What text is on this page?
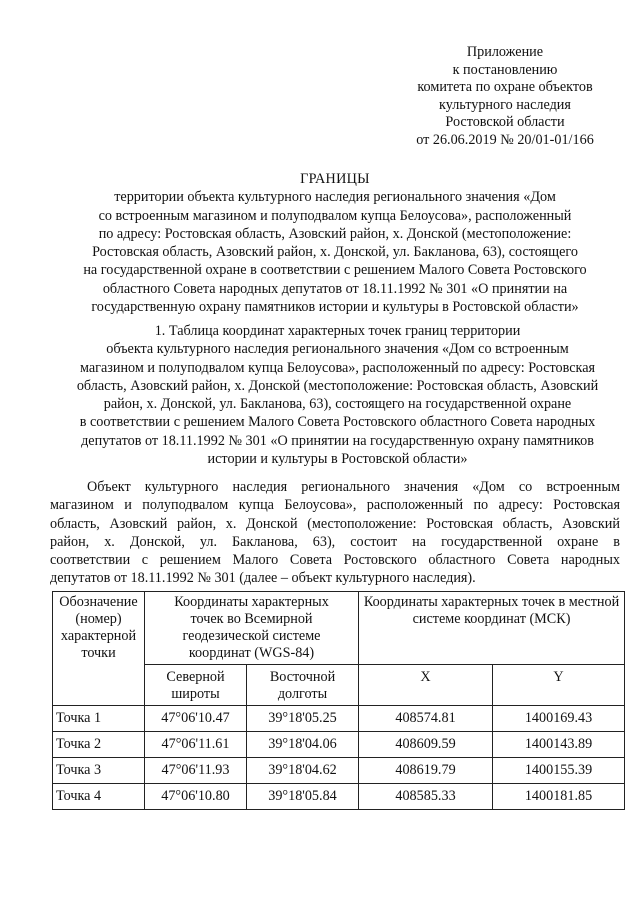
Приложение
к постановлению
комитета по охране объектов
культурного наследия
Ростовской области
от 26.06.2019 № 20/01-01/166
ГРАНИЦЫ
территории объекта культурного наследия регионального значения «Дом
со встроенным магазином и полуподвалом купца Белоусова», расположенный
по адресу: Ростовская область, Азовский район, х. Донской (местоположение:
Ростовская область, Азовский район, х. Донской, ул. Бакланова, 63), состоящего
на государственной охране в соответствии с решением Малого Совета Ростовского
областного Совета народных депутатов от 18.11.1992 № 301 «О принятии на
государственную охрану памятников истории и культуры в Ростовской области»
1. Таблица координат характерных точек границ территории
объекта культурного наследия регионального значения «Дом со встроенным
магазином и полуподвалом купца Белоусова», расположенный по адресу: Ростовская
область, Азовский район, х. Донской (местоположение: Ростовская область, Азовский
район, х. Донской, ул. Бакланова, 63), состоящего на государственной охране
в соответствии с решением Малого Совета Ростовского областного Совета народных
депутатов от 18.11.1992 № 301 «О принятии на государственную охрану памятников
истории и культуры в Ростовской области»
Объект культурного наследия регионального значения «Дом со встроенным
магазином и полуподвалом купца Белоусова», расположенный по адресу: Ростовская
область, Азовский район, х. Донской (местоположение: Ростовская область, Азовский
район, х. Донской, ул. Бакланова, 63), состоит на государственной охране в
соответствии с решением Малого Совета Ростовского областного Совета народных
депутатов от 18.11.1992 № 301 (далее – объект культурного наследия).
Обозначение (номер) характерной точки	Координаты характерных точек во Всемирной геодезической системе координат (WGS-84)		Координаты характерных точек в местной системе координат (МСК)	
	Северной широты	Восточной долготы	X	Y
Точка 1	47°06'10.47	39°18'05.25	408574.81	1400169.43
Точка 2	47°06'11.61	39°18'04.06	408609.59	1400143.89
Точка 3	47°06'11.93	39°18'04.62	408619.79	1400155.39
Точка 4	47°06'10.80	39°18'05.84	408585.33	1400181.85
